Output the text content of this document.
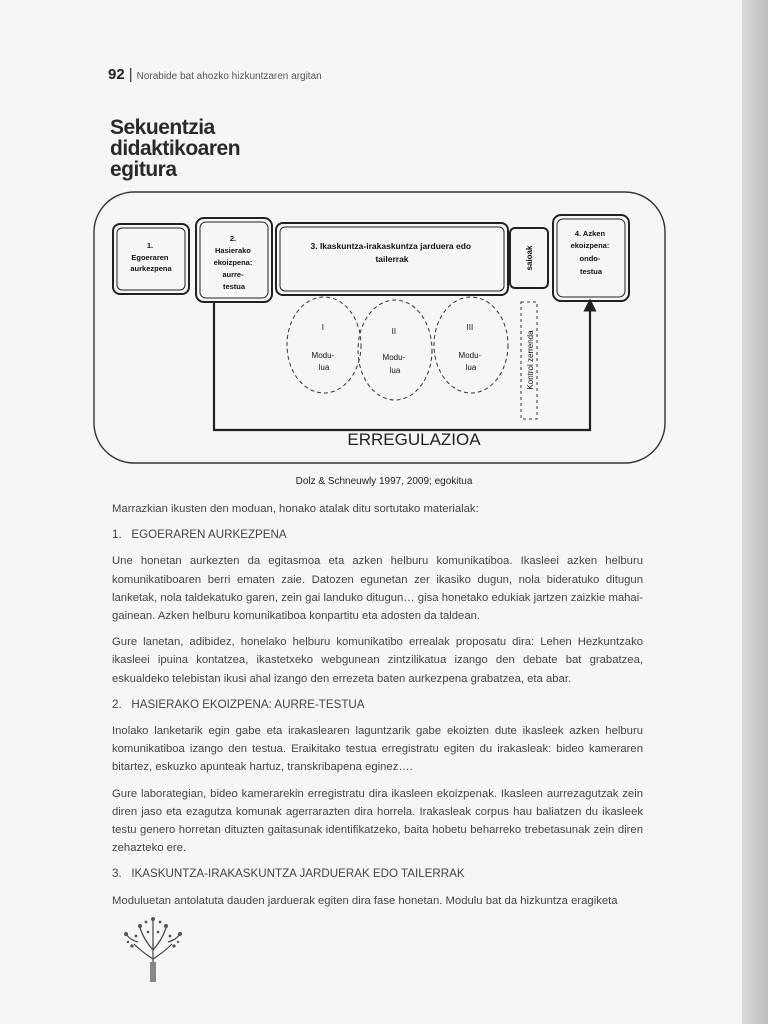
92 | Norabide bat ahozko hizkuntzaren argitan
Sekuentzia
didaktikoaren
egitura
1. Egoeraren aurkezpena
2. Hasierako ekoizpena: aurre- testua
3. Ikaskuntza-irakaskuntza jarduera edo tailerrak	saioak
4. Azken ekoizpena: ondo- testua
I Modu- lua
II Modu- lua
III Modu- lua	Kontrol zerrenda
ERREGULAZIOA
Dolz & Schneuwly 1997, 2009; egokitua

Marrazkian ikusten den moduan, honako atalak ditu sortutako materialak:

1.   EGOERAREN AURKEZPENA

Une honetan aurkezten da egitasmoa eta azken helburu komunikatiboa. Ikasleei azken helburu komunikatiboaren berri ematen zaie. Datozen egunetan zer ikasiko dugun, nola bideratuko ditugun lanketak, nola taldekatuko garen, zein gai landuko ditugun… gisa honetako edukiak jartzen zaizkie mahai-gainean. Azken helburu komunikatiboa konpartitu eta adosten da taldean.

Gure lanetan, adibidez, honelako helburu komunikatibo errealak proposatu dira: Lehen Hezkuntzako ikasleei ipuina kontatzea, ikastetxeko webgunean zintzilikatua izango den debate bat grabatzea, eskualdeko telebistan ikusi ahal izango den errezeta baten aurkezpena grabatzea, eta abar.

2.   HASIERAKO EKOIZPENA: AURRE-TESTUA

Inolako lanketarik egin gabe eta irakaslearen laguntzarik gabe ekoizten dute ikasleek azken helburu komunikatiboa izango den testua. Eraikitako testua erregistratu egiten du irakasleak: bideo kameraren bitartez, eskuzko apunteak hartuz, transkribapena eginez….

Gure laborategian, bideo kamerarekin erregistratu dira ikasleen ekoizpenak. Ikasleen aurrezagutzak zein diren jaso eta ezagutza komunak agerrarazten dira horrela. Irakasleak corpus hau baliatzen du ikasleek testu genero horretan dituzten gaitasunak identifikatzeko, baita hobetu beharreko trebetasunak zein diren zehazteko ere.

3.   IKASKUNTZA-IRAKASKUNTZA JARDUERAK EDO TAILERRAK

Moduluetan antolatuta dauden jarduerak egiten dira fase honetan. Modulu bat da hizkuntza eragiketa
